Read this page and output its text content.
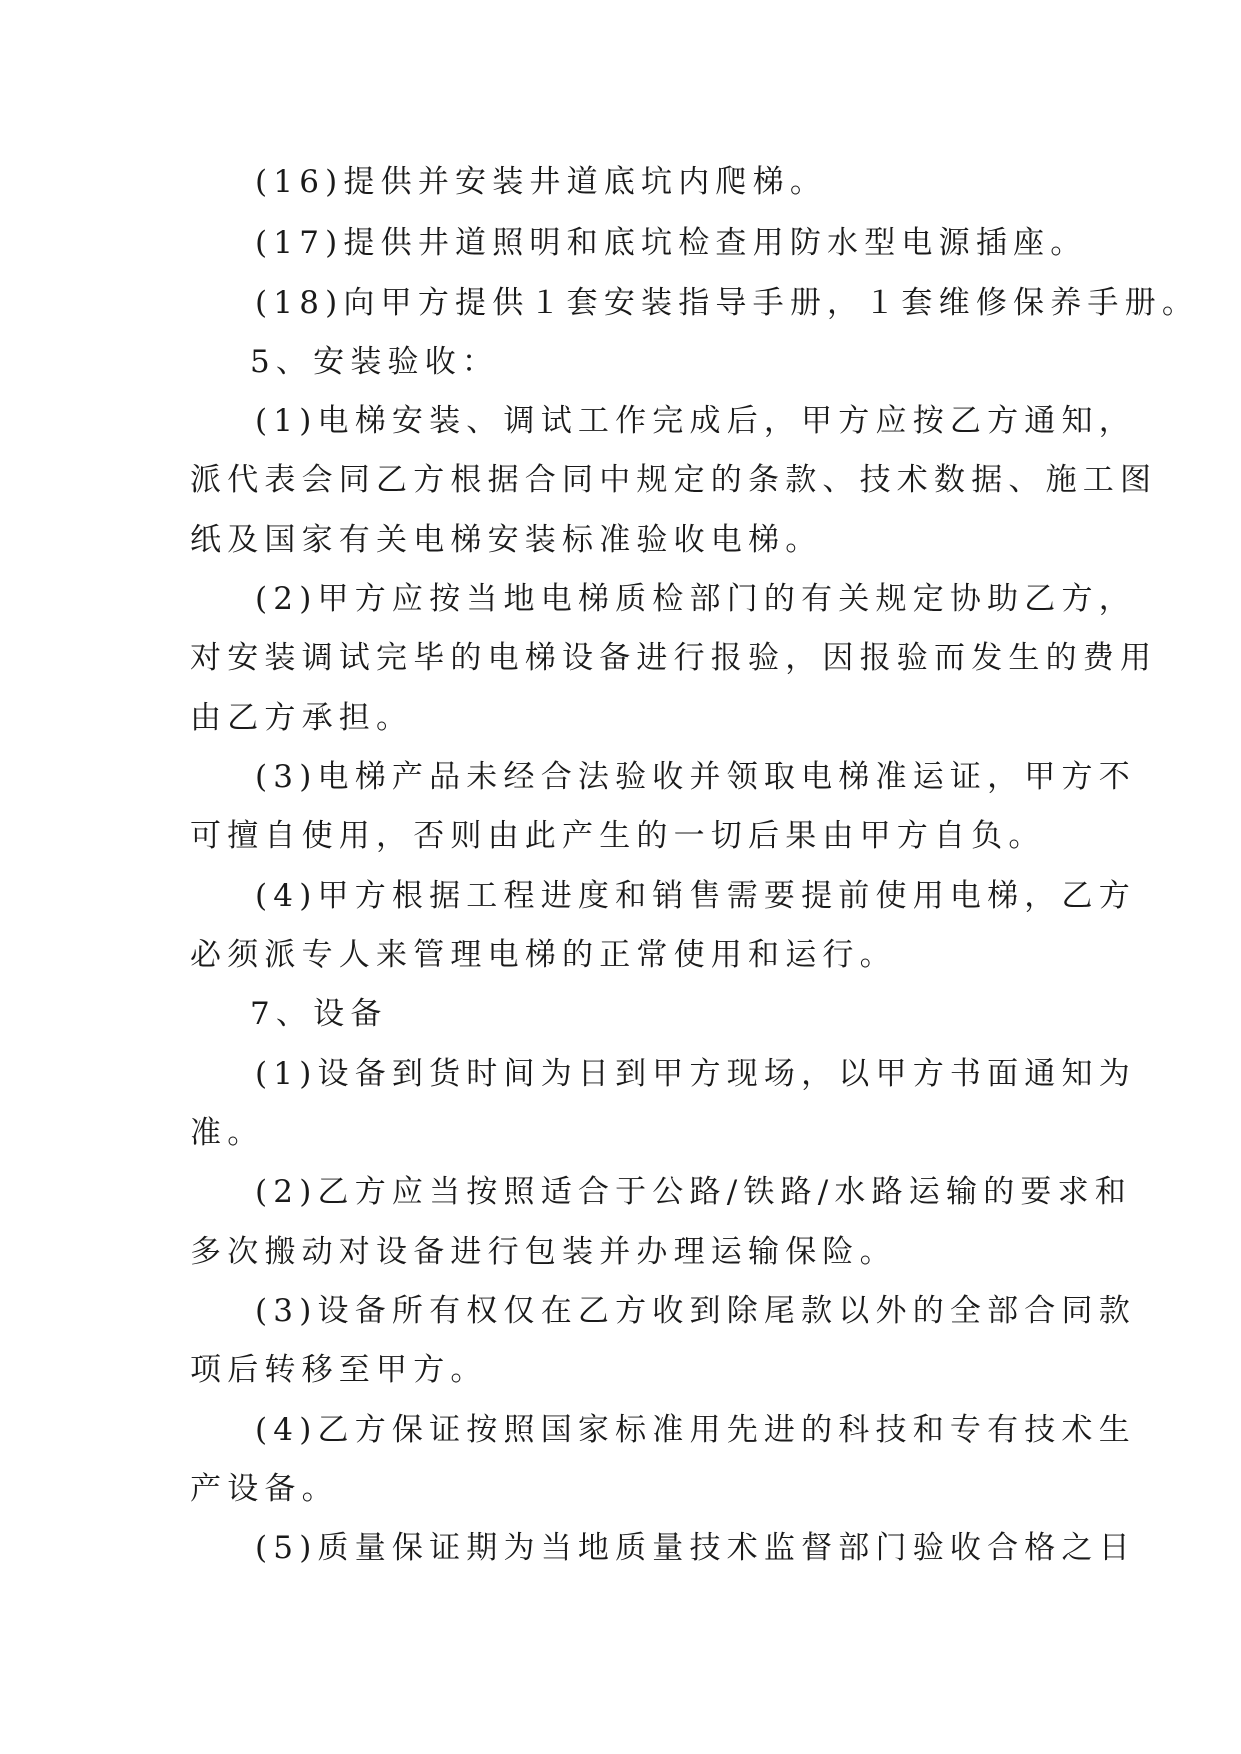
(16)提供并安装井道底坑内爬梯。

(17)提供井道照明和底坑检查用防水型电源插座。

(18)向甲方提供１套安装指导手册，１套维修保养手册。

5、安装验收：

(1)电梯安装、调试工作完成后，甲方应按乙方通知，

派代表会同乙方根据合同中规定的条款、技术数据、施工图

纸及国家有关电梯安装标准验收电梯。

(2)甲方应按当地电梯质检部门的有关规定协助乙方，

对安装调试完毕的电梯设备进行报验，因报验而发生的费用

由乙方承担。

(3)电梯产品未经合法验收并领取电梯准运证，甲方不

可擅自使用，否则由此产生的一切后果由甲方自负。

(4)甲方根据工程进度和销售需要提前使用电梯，乙方

必须派专人来管理电梯的正常使用和运行。

7、设备

(1)设备到货时间为日到甲方现场，以甲方书面通知为

准。

(2)乙方应当按照适合于公路/铁路/水路运输的要求和

多次搬动对设备进行包装并办理运输保险。

(3)设备所有权仅在乙方收到除尾款以外的全部合同款

项后转移至甲方。

(4)乙方保证按照国家标准用先进的科技和专有技术生

产设备。

(5)质量保证期为当地质量技术监督部门验收合格之日
